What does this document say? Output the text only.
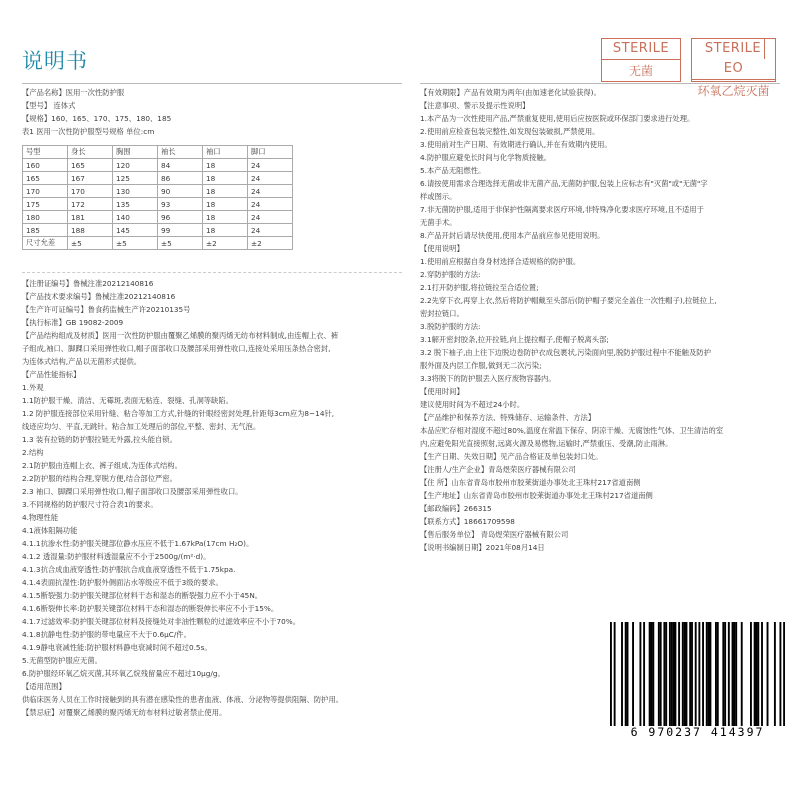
说明书
STERILE
无菌
STERILEEO
环氧乙烷灭菌

【产品名称】医用一次性防护服

【型号】 连体式

【规格】160、165、170、175、180、185

表1 医用一次性防护服型号规格 单位:cm

号型	身长	胸围	袖长	袖口	脚口
160	165	120	84	18	24
165	167	125	86	18	24
170	170	130	90	18	24
175	172	135	93	18	24
180	181	140	96	18	24
185	188	145	99	18	24
尺寸允差	±5	±5	±5	±2	±2

【注册证编号】鲁械注准20212140816

【产品技术要求编号】鲁械注准20212140816

【生产许可证编号】鲁食药监械生产许20210135号

【执行标准】GB 19082-2009

【产品结构组成及材质】医用一次性防护服由覆聚乙烯膜的聚丙烯无纺布材料制成,由连帽上衣、裤

子组成,袖口、脚踝口采用弹性收口,帽子面部收口及腰部采用弹性收口,连接处采用压条热合密封,

为连体式结构,产品以无菌形式提供。

【产品性能指标】

1.外观

1.1防护服干燥、清洁、无霉斑,表面无粘连、裂缝、孔洞等缺陷。

1.2 防护服连接部位采用针缝、粘合等加工方式,针缝的针眼经密封处理,针距每3cm应为8~14针,

线迹应均匀、平直,无跳针。粘合加工处理后的部位,平整、密封、无气泡。

1.3 装有拉链的防护服拉链无外露,拉头能自锁。

2.结构

2.1防护服由连帽上衣、裤子组成,为连体式结构。

2.2防护服的结构合理,穿脱方便,结合部位严密。

2.3 袖口、脚踝口采用弹性收口,帽子面部收口及腰部采用弹性收口。

3.不同规格的防护服尺寸符合表1的要求。

4.物理性能

4.1液体阻隔功能

4.1.1抗渗水性:防护服关键部位静水压应不低于1.67kPa(17cm H₂O)。

4.1.2 透湿量:防护服材料透湿量应不小于2500g/(m²·d)。

4.1.3抗合成血液穿透性:防护服抗合成血液穿透性不低于1.75kpa.

4.1.4表面抗湿性:防护服外侧面沾水等级应不低于3级的要求。

4.1.5断裂强力:防护服关键部位材料干态和湿态的断裂强力应不小于45N。

4.1.6断裂伸长率:防护服关键部位材料干态和湿态的断裂伸长率应不小于15%。

4.1.7过滤效率:防护服关键部位材料及接缝处对非油性颗粒的过滤效率应不小于70%。

4.1.8抗静电性:防护服的带电量应不大于0.6μC/件。

4.1.9静电衰减性能:防护服材料静电衰减时间不超过0.5s。

5.无菌型防护服应无菌。

6.防护服经环氧乙烷灭菌,其环氧乙烷残留量应不超过10μg/g。

【适用范围】

供临床医务人员在工作时接触到的具有潜在感染性的患者血液、体液、分泌物等提供阻隔、防护用。

【禁忌症】对覆聚乙烯膜的聚丙烯无纺布材料过敏者禁止使用。

【有效期限】产品有效期为两年(由加速老化试验获得)。

【注意事项、警示及提示性说明】

1.本产品为一次性使用产品,严禁重复使用,使用后应按医院或环保部门要求进行处理。

2.使用前应检查包装完整性,如发现包装破损,严禁使用。

3.使用前对生产日期、有效期进行确认,并在有效期内使用。

4.防护服应避免长时间与化学物质接触。

5.本产品无阻燃性。

6.请按使用需求合理选择无菌或非无菌产品,无菌防护服,包装上应标志有"灭菌"或"无菌"字

样或图示。

7.非无菌防护服,适用于非保护性隔离要求医疗环境,非特殊净化要求医疗环境,且不适用于

无菌手术。

8.产品开封后请尽快使用,使用本产品前应参见使用说明。

【使用说明】

1.使用前应根据自身身材选择合适规格的防护服。

2.穿防护服的方法:

2.1打开防护服,将拉链拉至合适位置;

2.2先穿下衣,再穿上衣,然后将防护帽戴至头部后(防护帽子要完全盖住一次性帽子),拉链拉上,

密封拉链口。

3.脱防护服的方法:

3.1解开密封胶条,拉开拉链,向上提拉帽子,使帽子脱离头部;

3.2 脱下袖子,由上往下边脱边卷防护衣成包裹状,污染面向里,脱防护服过程中不能触及防护

服外面及内层工作服,做到无二次污染;

3.3将脱下的防护服丢入医疗废物容器内。

【使用时间】

建议使用时间为不超过24小时。

【产品维护和保养方法、特殊储存、运输条件、方法】

本品应贮存相对湿度不超过80%,温度在常温下保存、阴凉干燥、无腐蚀性气体、卫生清洁的室

内,应避免阳光直接照射,远离火源及易燃物,运输时,严禁重压、受潮,防止雨淋。

【生产日期、失效日期】见产品合格证及单包装封口处。

【注册人/生产企业】青岛煜荣医疗器械有限公司

【住 所】山东省青岛市胶州市胶莱街道办事处北王珠村217省道南侧

【生产地址】山东省青岛市胶州市胶莱街道办事处北王珠村217省道南侧

【邮政编码】266315

【联系方式】18661709598

【售后服务单位】 青岛煜荣医疗器械有限公司

【说明书编制日期】2021年08月14日

6 970237 414397
